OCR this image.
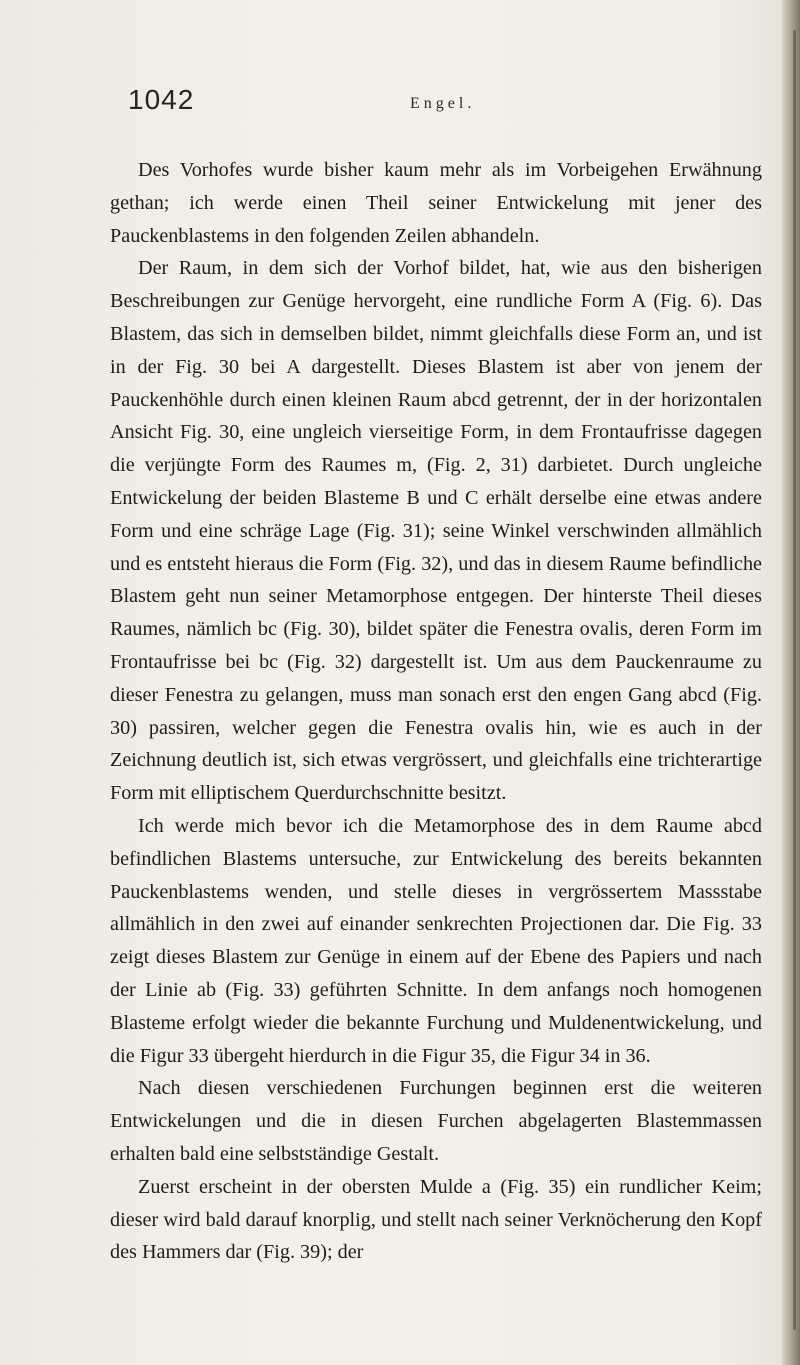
1042	Engel.

Des Vorhofes wurde bisher kaum mehr als im Vorbeigehen Erwähnung gethan; ich werde einen Theil seiner Entwickelung mit jener des Pauckenblastems in den folgenden Zeilen abhandeln.

Der Raum, in dem sich der Vorhof bildet, hat, wie aus den bisherigen Beschreibungen zur Genüge hervorgeht, eine rundliche Form A (Fig. 6). Das Blastem, das sich in demselben bildet, nimmt gleichfalls diese Form an, und ist in der Fig. 30 bei A dargestellt. Dieses Blastem ist aber von jenem der Pauckenhöhle durch einen kleinen Raum abcd getrennt, der in der horizontalen Ansicht Fig. 30, eine ungleich vierseitige Form, in dem Frontaufrisse dagegen die verjüngte Form des Raumes m, (Fig. 2, 31) darbietet. Durch ungleiche Entwickelung der beiden Blasteme B und C erhält derselbe eine etwas andere Form und eine schräge Lage (Fig. 31); seine Winkel verschwinden allmählich und es entsteht hieraus die Form (Fig. 32), und das in diesem Raume befindliche Blastem geht nun seiner Metamorphose entgegen. Der hinterste Theil dieses Raumes, nämlich bc (Fig. 30), bildet später die Fenestra ovalis, deren Form im Frontaufrisse bei bc (Fig. 32) dargestellt ist. Um aus dem Pauckenraume zu dieser Fenestra zu gelangen, muss man sonach erst den engen Gang abcd (Fig. 30) passiren, welcher gegen die Fenestra ovalis hin, wie es auch in der Zeichnung deutlich ist, sich etwas vergrössert, und gleichfalls eine trichterartige Form mit elliptischem Querdurchschnitte besitzt.

Ich werde mich bevor ich die Metamorphose des in dem Raume abcd befindlichen Blastems untersuche, zur Entwickelung des bereits bekannten Pauckenblastems wenden, und stelle dieses in vergrössertem Massstabe allmählich in den zwei auf einander senkrechten Projectionen dar. Die Fig. 33 zeigt dieses Blastem zur Genüge in einem auf der Ebene des Papiers und nach der Linie ab (Fig. 33) geführten Schnitte. In dem anfangs noch homogenen Blasteme erfolgt wieder die bekannte Furchung und Muldenentwickelung, und die Figur 33 übergeht hierdurch in die Figur 35, die Figur 34 in 36.

Nach diesen verschiedenen Furchungen beginnen erst die weiteren Entwickelungen und die in diesen Furchen abgelagerten Blastemmassen erhalten bald eine selbstständige Gestalt.

Zuerst erscheint in der obersten Mulde a (Fig. 35) ein rundlicher Keim; dieser wird bald darauf knorplig, und stellt nach seiner Verknöcherung den Kopf des Hammers dar (Fig. 39); der
